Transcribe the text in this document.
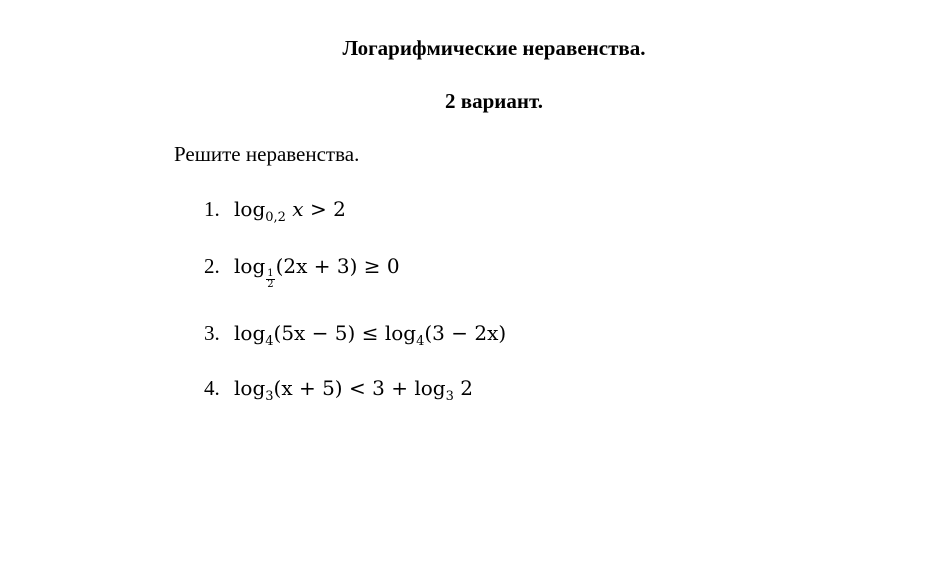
Логарифмические неравенства.
2 вариант.
Решите неравенства.
1. $\log_{0,2} x > 2$
2. log
$\frac{1}{2}$
(2x + 3) ≥ 0
3. $\log_4(5x - 5) \le \log_4(3 - 2x)$
4. $\log_3(x + 5) < 3 + \log_3 2$
